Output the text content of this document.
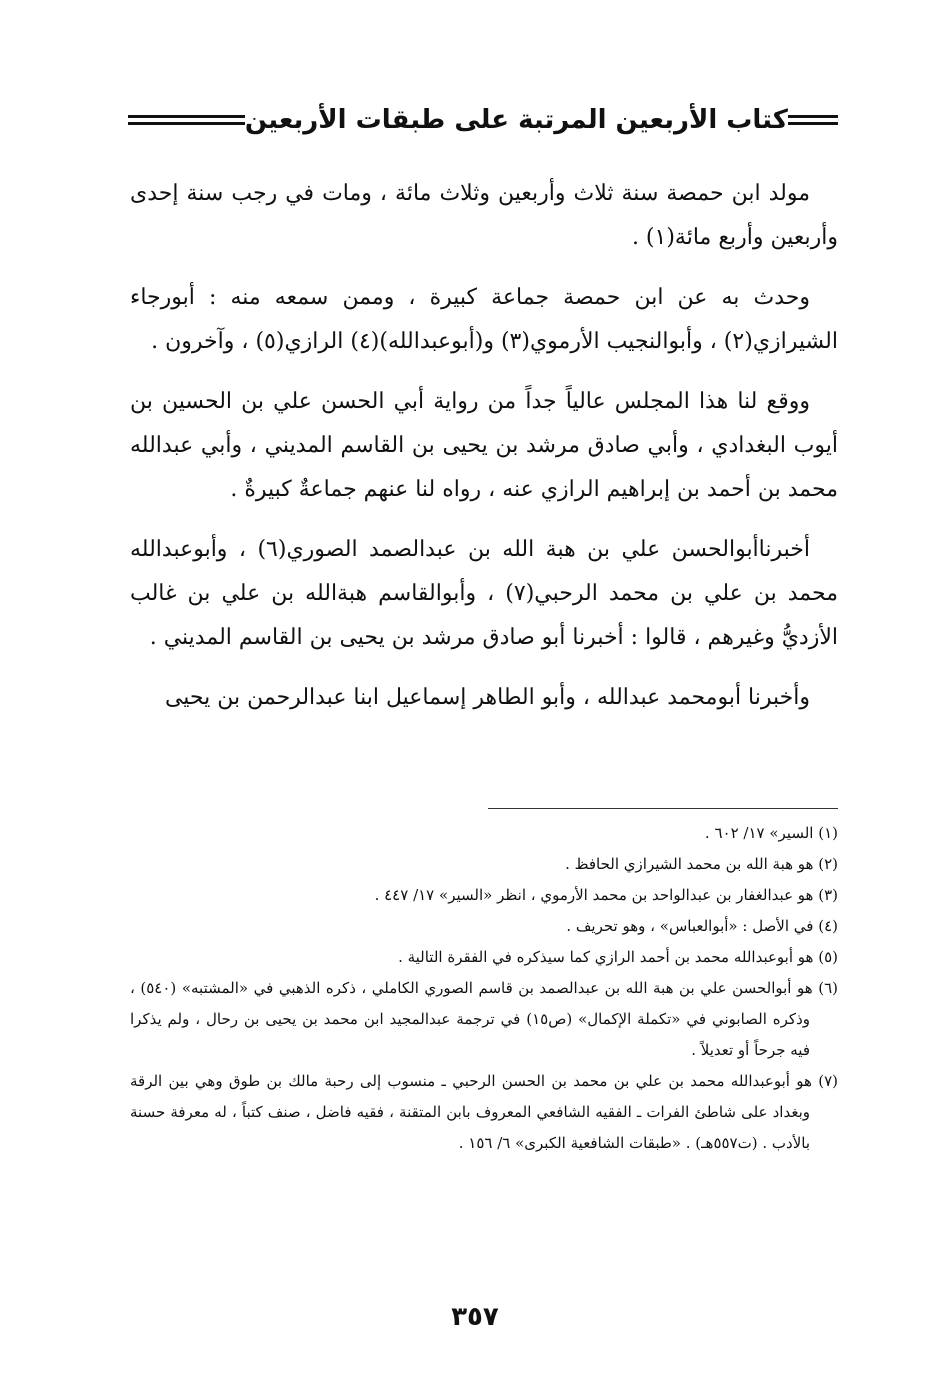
كتاب الأربعين المرتبة على طبقات الأربعين

مولد ابن حمصة سنة ثلاث وأربعين وثلاث مائة ، ومات في رجب سنة إحدى وأربعين وأربع مائة(١) .

وحدث به عن ابن حمصة جماعة كبيرة ، وممن سمعه منه : أبورجاء الشيرازي(٢) ، وأبوالنجيب الأرموي(٣) و(أبوعبدالله)(٤) الرازي(٥) ، وآخرون .

ووقع لنا هذا المجلس عالياً جداً من رواية أبي الحسن علي بن الحسين بن أيوب البغدادي ، وأبي صادق مرشد بن يحيى بن القاسم المديني ، وأبي عبدالله محمد بن أحمد بن إبراهيم الرازي عنه ، رواه لنا عنهم جماعةٌ كبيرةٌ .

أخبرناأبوالحسن علي بن هبة الله بن عبدالصمد الصوري(٦) ، وأبوعبدالله محمد بن علي بن محمد الرحبي(٧) ، وأبوالقاسم هبةالله بن علي بن غالب الأزديُّ وغيرهم ، قالوا : أخبرنا أبو صادق مرشد بن يحيى بن القاسم المديني .

وأخبرنا أبومحمد عبدالله ، وأبو الطاهر إسماعيل ابنا عبدالرحمن بن يحيى

(١) السير» ١٧/ ٦٠٢ .

(٢) هو هبة الله بن محمد الشيرازي الحافظ .

(٣) هو عبدالغفار بن عبدالواحد بن محمد الأرموي ، انظر «السير» ١٧/ ٤٤٧ .

(٤) في الأصل : «أبوالعباس» ، وهو تحريف .

(٥) هو أبوعبدالله محمد بن أحمد الرازي كما سيذكره في الفقرة التالية .

(٦) هو أبوالحسن علي بن هبة الله بن عبدالصمد بن قاسم الصوري الكاملي ، ذكره الذهبي في «المشتبه» (٥٤٠) ، وذكره الصابوني في «تكملة الإكمال» (ص١٥) في ترجمة عبدالمجيد ابن محمد بن يحيى بن رحال ، ولم يذكرا فيه جرحاً أو تعديلاً .

(٧) هو أبوعبدالله محمد بن علي بن محمد بن الحسن الرحبي ـ منسوب إلى رحبة مالك بن طوق وهي بين الرقة وبغداد على شاطئ الفرات ـ الفقيه الشافعي المعروف بابن المتقنة ، فقيه فاضل ، صنف كتباً ، له معرفة حسنة بالأدب . (ت٥٥٧هـ) . «طبقات الشافعية الكبرى» ٦/ ١٥٦ .

٣٥٧
